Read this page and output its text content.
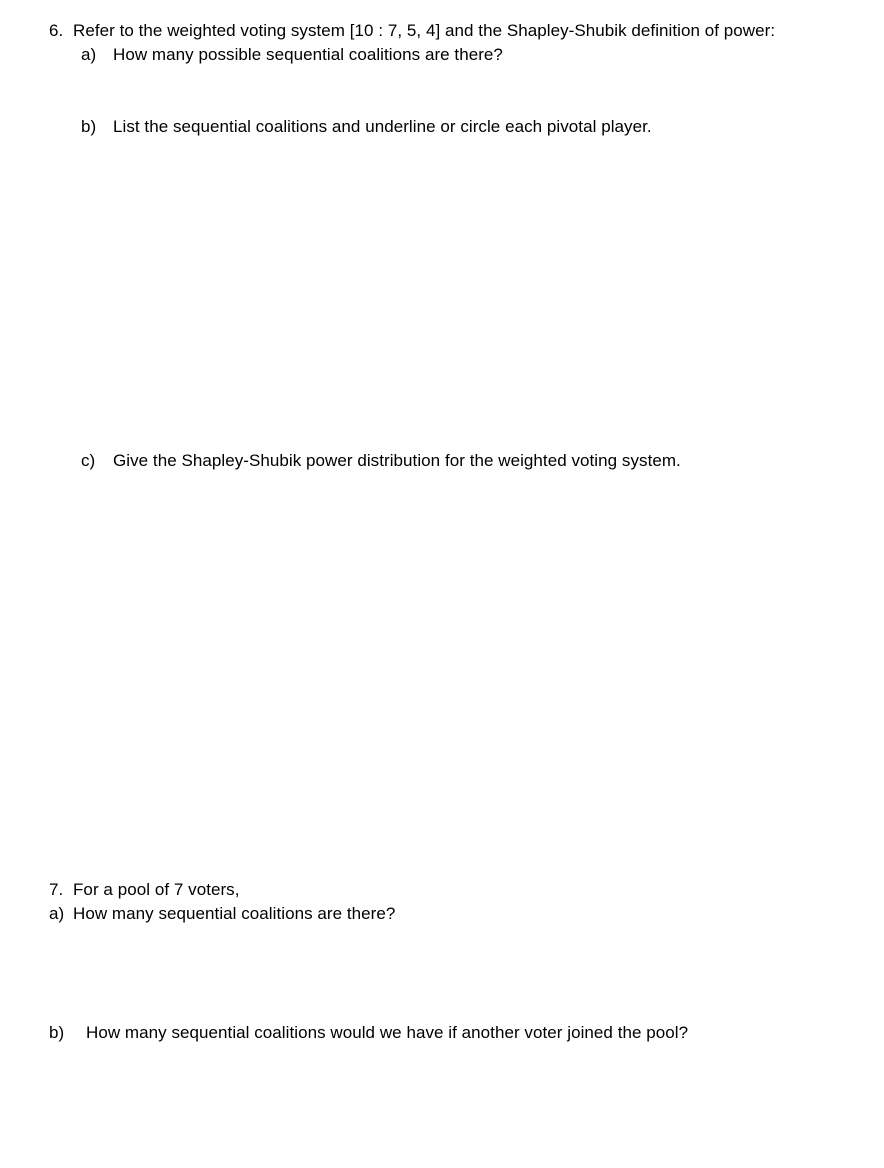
6. Refer to the weighted voting system [10 : 7, 5, 4] and the Shapley-Shubik definition of power:
a) How many possible sequential coalitions are there?
b) List the sequential coalitions and underline or circle each pivotal player.
c) Give the Shapley-Shubik power distribution for the weighted voting system.
7. For a pool of 7 voters,
a) How many sequential coalitions are there?
b) How many sequential coalitions would we have if another voter joined the pool?
